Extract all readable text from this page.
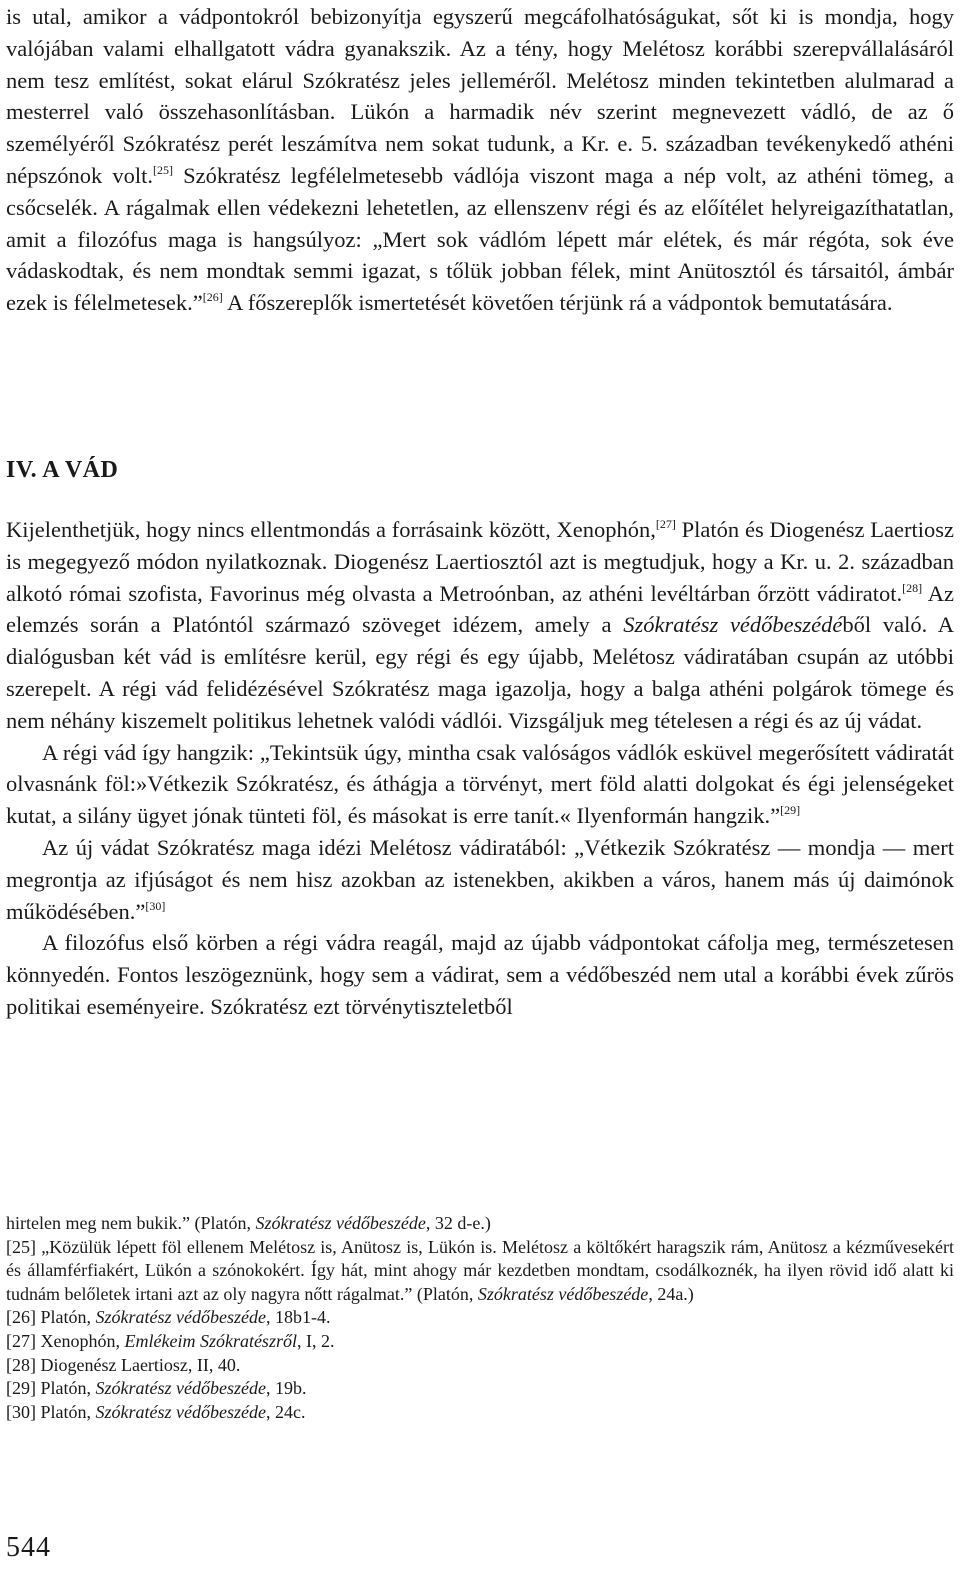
is utal, amikor a vádpontokról bebizonyítja egyszerű megcáfolhatóságukat, sőt ki is mondja, hogy valójában valami elhallgatott vádra gyanakszik. Az a tény, hogy Melétosz korábbi szerepvállalásáról nem tesz említést, sokat elárul Szókratész jeles jelleméről. Melétosz minden tekintetben alulmarad a mesterrel való összehasonlításban. Lükón a harmadik név szerint megnevezett vádló, de az ő személyéről Szókratész perét leszámítva nem sokat tudunk, a Kr. e. 5. században tevékenykedő athéni népszónok volt.[25] Szókratész legfélelmetesebb vádlója viszont maga a nép volt, az athéni tömeg, a csőcselék. A rágalmak ellen védekezni lehetetlen, az ellenszenv régi és az előítélet helyreigazíthatatlan, amit a filozófus maga is hangsúlyoz: „Mert sok vádlóm lépett már elétek, és már régóta, sok éve vádaskodtak, és nem mondtak semmi igazat, s tőlük jobban félek, mint Anütosztól és társaitól, ámbár ezek is félelmetesek.”[26] A főszereplők ismertetését követően térjünk rá a vádpontok bemutatására.

IV. A VÁD

Kijelenthetjük, hogy nincs ellentmondás a forrásaink között, Xenophón,[27] Platón és Diogenész Laertiosz is megegyező módon nyilatkoznak. Diogenész Laertiosztól azt is megtudjuk, hogy a Kr. u. 2. században alkotó római szofista, Favorinus még olvasta a Metroónban, az athéni levéltárban őrzött vádiratot.[28] Az elemzés során a Platóntól származó szöveget idézem, amely a Szókratész védőbeszédéből való. A dialógusban két vád is említésre kerül, egy régi és egy újabb, Melétosz vádiratában csupán az utóbbi szerepelt. A régi vád felidézésével Szókratész maga igazolja, hogy a balga athéni polgárok tömege és nem néhány kiszemelt politikus lehetnek valódi vádlói. Vizsgáljuk meg tételesen a régi és az új vádat.

A régi vád így hangzik: „Tekintsük úgy, mintha csak valóságos vádlók esküvel megerősített vádiratát olvasnánk föl:»Vétkezik Szókratész, és áthágja a törvényt, mert föld alatti dolgokat és égi jelenségeket kutat, a silány ügyet jónak tünteti föl, és másokat is erre tanít.« Ilyenformán hangzik.”[29]

Az új vádat Szókratész maga idézi Melétosz vádiratából: „Vétkezik Szókratész — mondja — mert megrontja az ifjúságot és nem hisz azokban az istenekben, akikben a város, hanem más új daimónok működésében.”[30]

A filozófus első körben a régi vádra reagál, majd az újabb vádpontokat cáfolja meg, természetesen könnyedén. Fontos leszögeznünk, hogy sem a vádirat, sem a védőbeszéd nem utal a korábbi évek zűrös politikai eseményeire. Szókratész ezt törvénytiszteletből

hirtelen meg nem bukik.” (Platón, Szókratész védőbeszéde, 32 d-e.)

[25] „Közülük lépett föl ellenem Melétosz is, Anütosz is, Lükón is. Melétosz a költőkért haragszik rám, Anütosz a kézművesekért és államférfiakért, Lükón a szónokokért. Így hát, mint ahogy már kezdetben mondtam, csodálkoznék, ha ilyen rövid idő alatt ki tudnám belőletek irtani azt az oly nagyra nőtt rágalmat.” (Platón, Szókratész védőbeszéde, 24a.)

[26] Platón, Szókratész védőbeszéde, 18b1-4.

[27] Xenophón, Emlékeim Szókratészről, I, 2.

[28] Diogenész Laertiosz, II, 40.

[29] Platón, Szókratész védőbeszéde, 19b.

[30] Platón, Szókratész védőbeszéde, 24c.

544
